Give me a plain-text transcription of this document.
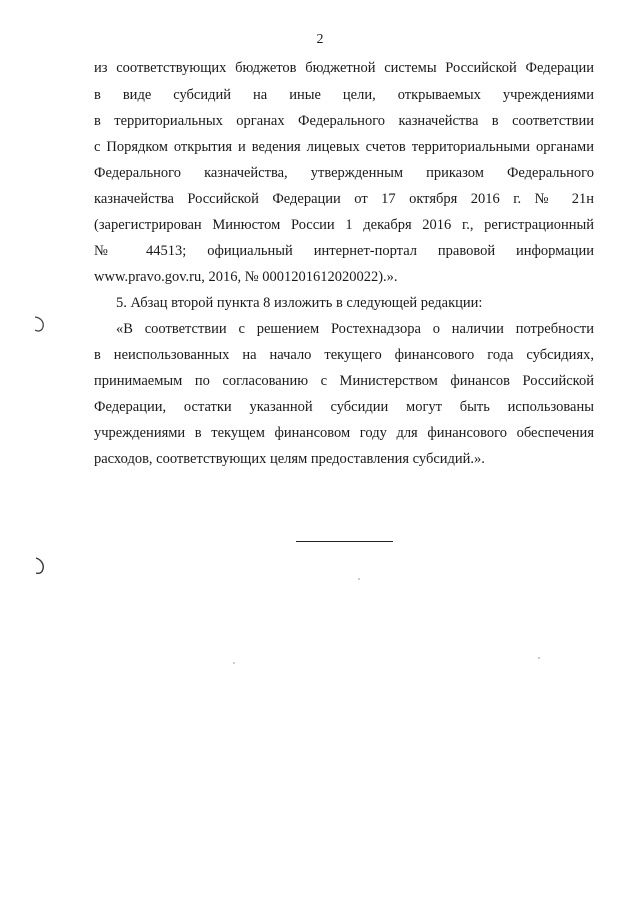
2
из соответствующих бюджетов бюджетной системы Российской Федерации
в виде субсидий на иные цели, открываемых учреждениями
в территориальных органах Федерального казначейства в соответствии
с Порядком открытия и ведения лицевых счетов территориальными органами
Федерального казначейства, утвержденным приказом Федерального
казначейства Российской Федерации от 17 октября 2016 г. № 21н
(зарегистрирован Минюстом России 1 декабря 2016 г., регистрационный
№ 44513; официальный интернет-портал правовой информации
www.pravo.gov.ru, 2016, № 0001201612020022).».
5. Абзац второй пункта 8 изложить в следующей редакции:
«В соответствии с решением Ростехнадзора о наличии потребности
в неиспользованных на начало текущего финансового года субсидиях,
принимаемым по согласованию с Министерством финансов Российской
Федерации, остатки указанной субсидии могут быть использованы
учреждениями в текущем финансовом году для финансового обеспечения
расходов, соответствующих целям предоставления субсидий.».
